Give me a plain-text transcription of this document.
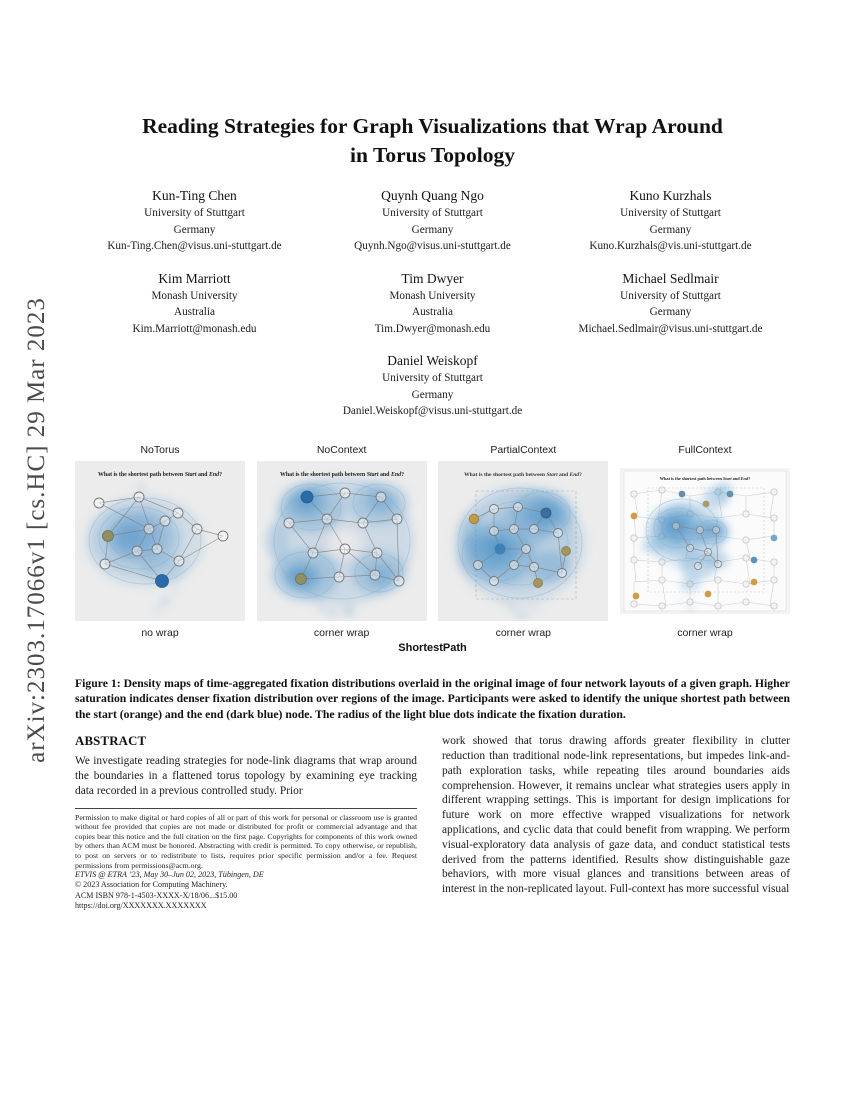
arXiv:2303.17066v1 [cs.HC] 29 Mar 2023
Reading Strategies for Graph Visualizations that Wrap Around
in Torus Topology
Kun-Ting Chen
University of Stuttgart
Germany
Kun-Ting.Chen@visus.uni-stuttgart.de
Quynh Quang Ngo
University of Stuttgart
Germany
Quynh.Ngo@visus.uni-stuttgart.de
Kuno Kurzhals
University of Stuttgart
Germany
Kuno.Kurzhals@vis.uni-stuttgart.de
Kim Marriott
Monash University
Australia
Kim.Marriott@monash.edu
Tim Dwyer
Monash University
Australia
Tim.Dwyer@monash.edu
Michael Sedlmair
University of Stuttgart
Germany
Michael.Sedlmair@visus.uni-stuttgart.de
Daniel Weiskopf
University of Stuttgart
Germany
Daniel.Weiskopf@visus.uni-stuttgart.de
NoTorus	NoContext	PartialContext	FullContext
What is the shortest path between Start and End?	What is the shortest path between Start and End?	What is the shortest path between Start and End?
What is the shortest path between Start and End?
no wrap	corner wrap	corner wrap	corner wrap
ShortestPath

Figure 1: Density maps of time-aggregated fixation distributions overlaid in the original image of four network layouts of a given graph. Higher saturation indicates denser fixation distribution over regions of the image. Participants were asked to identify the unique shortest path between the start (orange) and the end (dark blue) node. The radius of the light blue dots indicate the fixation duration.

ABSTRACT

We investigate reading strategies for node-link diagrams that wrap around the boundaries in a flattened torus topology by examining eye tracking data recorded in a previous controlled study. Prior

Permission to make digital or hard copies of all or part of this work for personal or classroom use is granted without fee provided that copies are not made or distributed for profit or commercial advantage and that copies bear this notice and the full citation on the first page. Copyrights for components of this work owned by others than ACM must be honored. Abstracting with credit is permitted. To copy otherwise, or republish, to post on servers or to redistribute to lists, requires prior specific permission and/or a fee. Request permissions from permissions@acm.org.

ETVIS @ ETRA ’23, May 30–Jun 02, 2023, Tübingen, DE

© 2023 Association for Computing Machinery.

ACM ISBN 978-1-4503-XXXX-X/18/06...$15.00

https://doi.org/XXXXXXX.XXXXXXX

work showed that torus drawing affords greater flexibility in clutter reduction than traditional node-link representations, but impedes link-and-path exploration tasks, while repeating tiles around boundaries aids comprehension. However, it remains unclear what strategies users apply in different wrapping settings. This is important for design implications for future work on more effective wrapped visualizations for network applications, and cyclic data that could benefit from wrapping. We perform visual-exploratory data analysis of gaze data, and conduct statistical tests derived from the patterns identified. Results show distinguishable gaze behaviors, with more visual glances and transitions between areas of interest in the non-replicated layout. Full-context has more successful visual
